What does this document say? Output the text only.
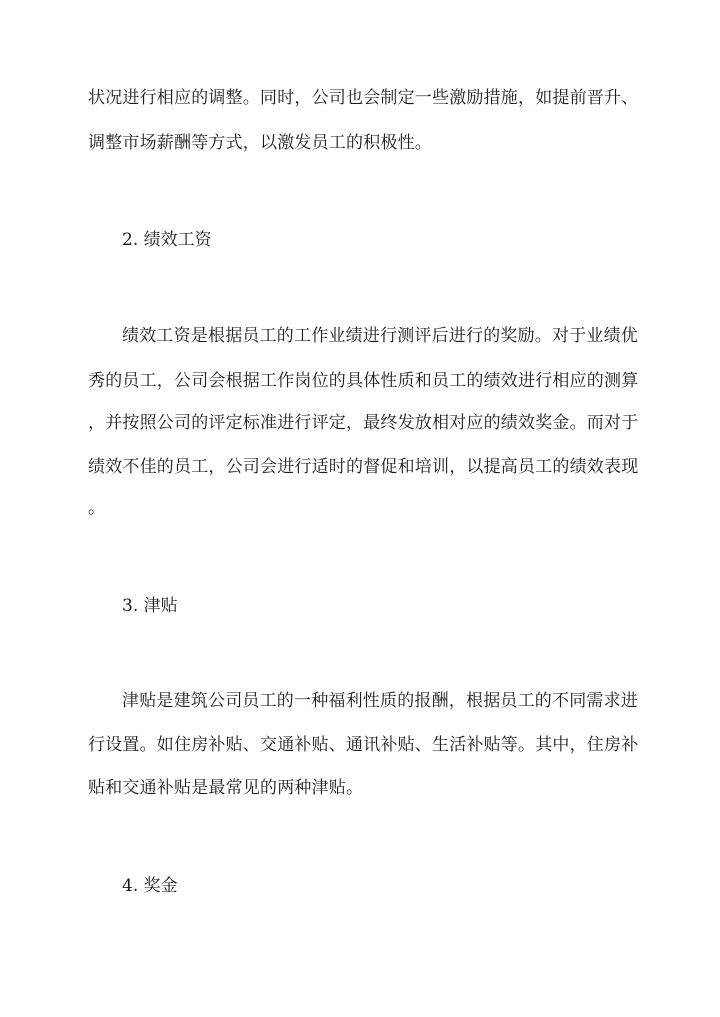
状况进行相应的调整。同时，公司也会制定一些激励措施，如提前晋升、
调整市场薪酬等方式，以激发员工的积极性。
2. 绩效工资
绩效工资是根据员工的工作业绩进行测评后进行的奖励。对于业绩优
秀的员工，公司会根据工作岗位的具体性质和员工的绩效进行相应的测算
，并按照公司的评定标准进行评定，最终发放相对应的绩效奖金。而对于
绩效不佳的员工，公司会进行适时的督促和培训，以提高员工的绩效表现
。
3. 津贴
津贴是建筑公司员工的一种福利性质的报酬，根据员工的不同需求进
行设置。如住房补贴、交通补贴、通讯补贴、生活补贴等。其中，住房补
贴和交通补贴是最常见的两种津贴。
4. 奖金
